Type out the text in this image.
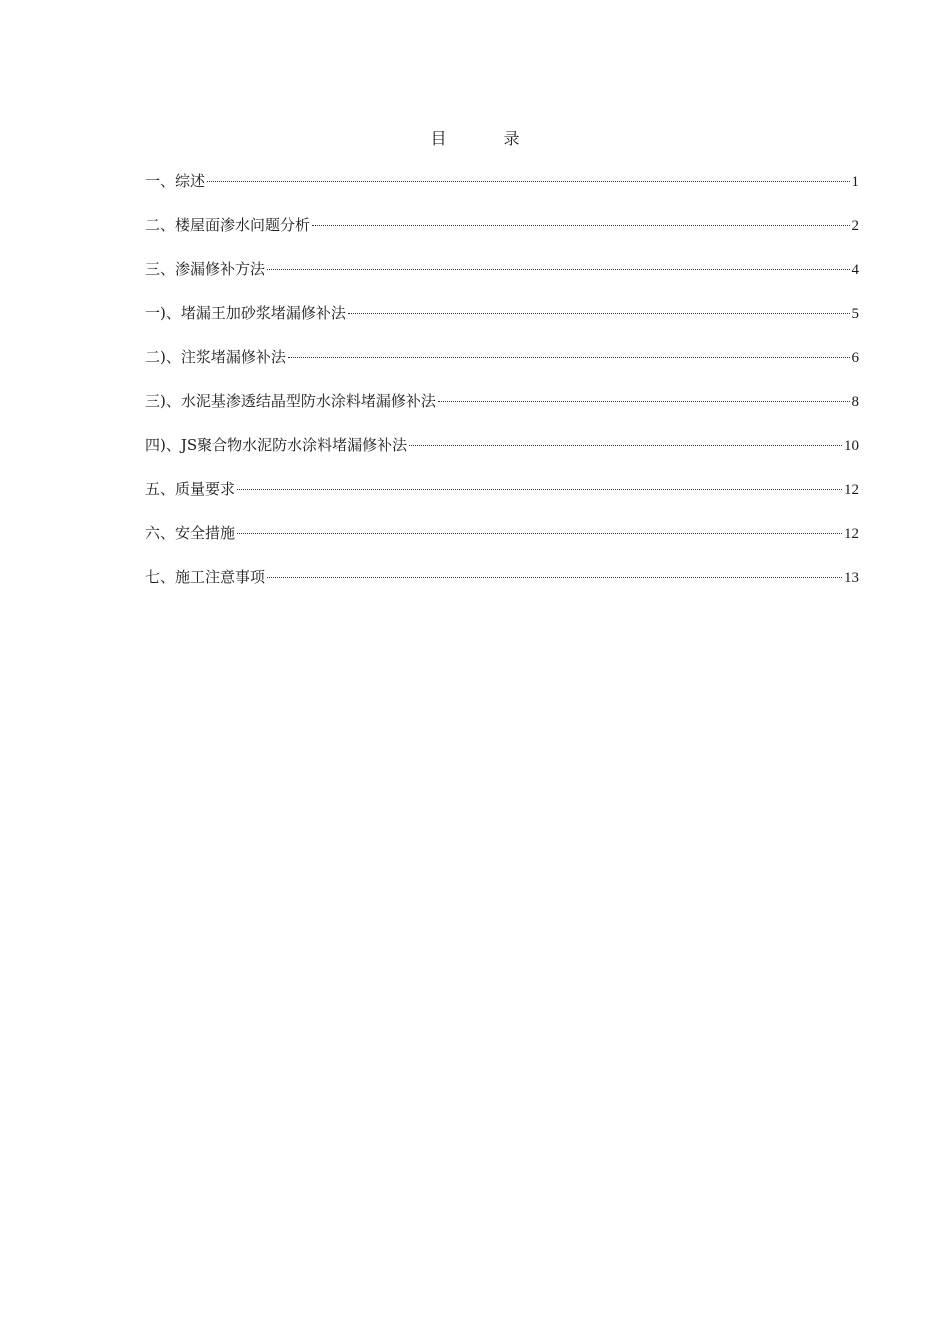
目 录
一、综述	1
二、楼屋面渗水问题分析	2
三、渗漏修补方法	4
一)、堵漏王加砂浆堵漏修补法	5
二)、注浆堵漏修补法	6
三)、水泥基渗透结晶型防水涂料堵漏修补法	8
四)、JS聚合物水泥防水涂料堵漏修补法	10
五、质量要求	12
六、安全措施	12
七、施工注意事项	13
